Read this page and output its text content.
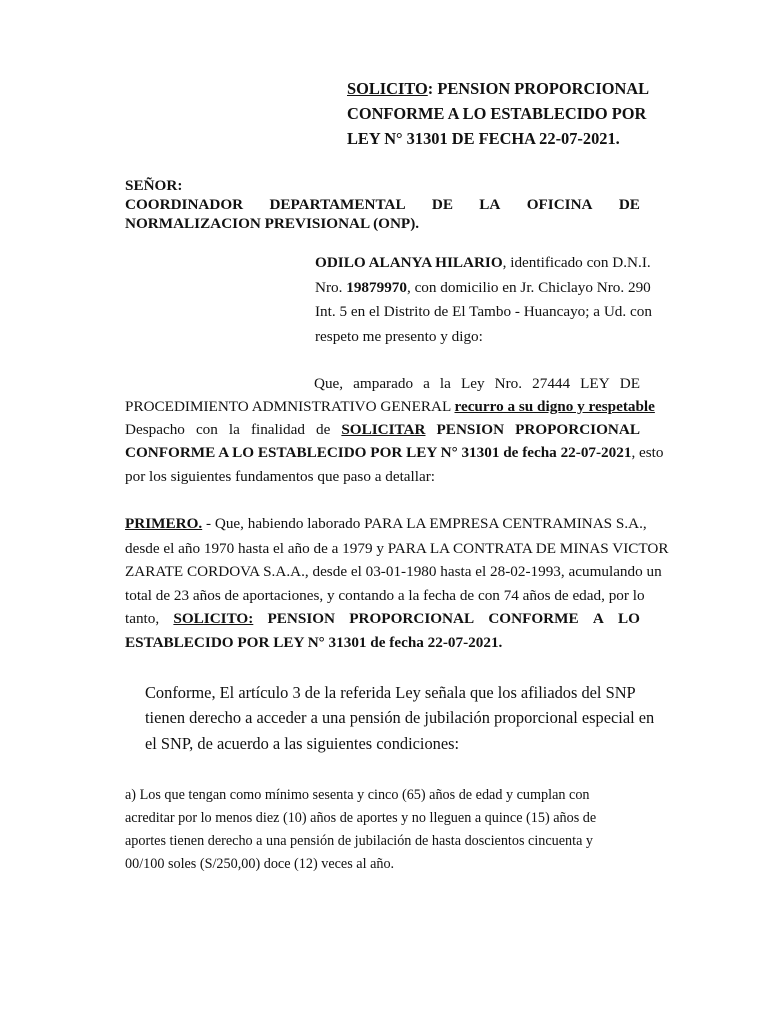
SOLICITO: PENSION PROPORCIONAL
CONFORME A LO ESTABLECIDO POR
LEY N° 31301 DE FECHA 22-07-2021.
SEÑOR:
COORDINADOR DEPARTAMENTAL DE LA OFICINA DE
NORMALIZACION PREVISIONAL (ONP).
ODILO ALANYA HILARIO, identificado con D.N.I.
Nro. 19879970, con domicilio en Jr. Chiclayo Nro. 290
Int. 5 en el Distrito de El Tambo - Huancayo; a Ud. con
respeto me presento y digo:
Que, amparado a la Ley Nro. 27444 LEY DE
PROCEDIMIENTO ADMNISTRATIVO GENERAL recurro a su digno y respetable
Despacho con la finalidad de SOLICITAR PENSION PROPORCIONAL
CONFORME A LO ESTABLECIDO POR LEY N° 31301 de fecha 22-07-2021, esto
por los siguientes fundamentos que paso a detallar:
PRIMERO. - Que, habiendo laborado PARA LA EMPRESA CENTRAMINAS S.A.,
desde el año 1970 hasta el año de a 1979 y PARA LA CONTRATA DE MINAS VICTOR
ZARATE CORDOVA S.A.A., desde el 03-01-1980 hasta el 28-02-1993, acumulando un
total de 23 años de aportaciones, y contando a la fecha de con 74 años de edad, por lo
tanto, SOLICITO: PENSION PROPORCIONAL CONFORME A LO
ESTABLECIDO POR LEY N° 31301 de fecha 22-07-2021.
Conforme, El artículo 3 de la referida Ley señala que los afiliados del SNP
tienen derecho a acceder a una pensión de jubilación proporcional especial en
el SNP, de acuerdo a las siguientes condiciones:
a) Los que tengan como mínimo sesenta y cinco (65) años de edad y cumplan con
acreditar por lo menos diez (10) años de aportes y no lleguen a quince (15) años de
aportes tienen derecho a una pensión de jubilación de hasta doscientos cincuenta y
00/100 soles (S/250,00) doce (12) veces al año.
